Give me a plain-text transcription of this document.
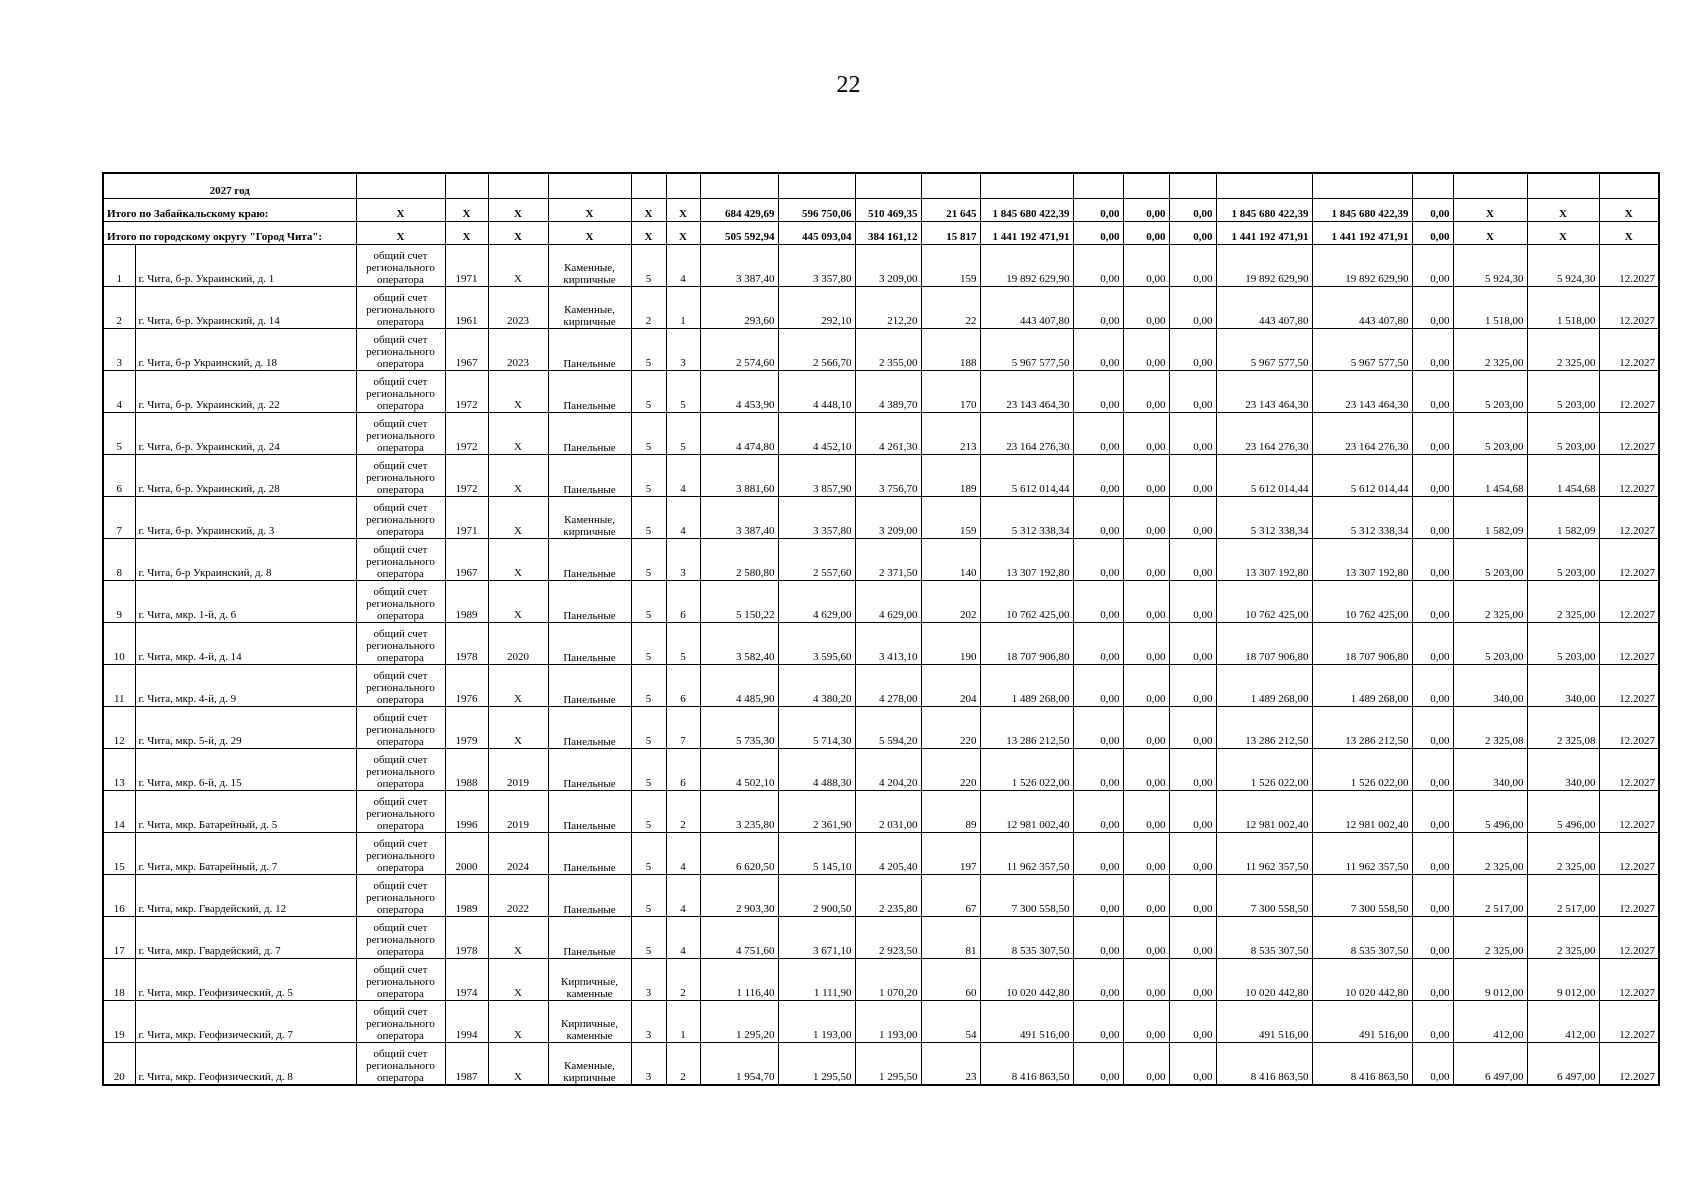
22
2027 год																					
Итого по Забайкальскому краю:		X	X	X	X	X	X	684 429,69	596 750,06	510 469,35	21 645	1 845 680 422,39	0,00	0,00	0,00	1 845 680 422,39	1 845 680 422,39	0,00	X	X	X
Итого по городскому округу "Город Чита":		X	X	X	X	X	X	505 592,94	445 093,04	384 161,12	15 817	1 441 192 471,91	0,00	0,00	0,00	1 441 192 471,91	1 441 192 471,91	0,00	X	X	X
1	г. Чита, б-р. Украинский, д. 1	общий счет регионального оператора	1971	X	Каменные, кирпичные	5	4	3 387,40	3 357,80	3 209,00	159	19 892 629,90	0,00	0,00	0,00	19 892 629,90	19 892 629,90	0,00	5 924,30	5 924,30	12.2027
2	г. Чита, б-р. Украинский, д. 14	общий счет регионального оператора	1961	2023	Каменные, кирпичные	2	1	293,60	292,10	212,20	22	443 407,80	0,00	0,00	0,00	443 407,80	443 407,80	0,00	1 518,00	1 518,00	12.2027
3	г. Чита, б-р Украинский, д. 18	общий счет регионального оператора	1967	2023	Панельные	5	3	2 574,60	2 566,70	2 355,00	188	5 967 577,50	0,00	0,00	0,00	5 967 577,50	5 967 577,50	0,00	2 325,00	2 325,00	12.2027
4	г. Чита, б-р. Украинский, д. 22	общий счет регионального оператора	1972	X	Панельные	5	5	4 453,90	4 448,10	4 389,70	170	23 143 464,30	0,00	0,00	0,00	23 143 464,30	23 143 464,30	0,00	5 203,00	5 203,00	12.2027
5	г. Чита, б-р. Украинский, д. 24	общий счет регионального оператора	1972	X	Панельные	5	5	4 474,80	4 452,10	4 261,30	213	23 164 276,30	0,00	0,00	0,00	23 164 276,30	23 164 276,30	0,00	5 203,00	5 203,00	12.2027
6	г. Чита, б-р. Украинский, д. 28	общий счет регионального оператора	1972	X	Панельные	5	4	3 881,60	3 857,90	3 756,70	189	5 612 014,44	0,00	0,00	0,00	5 612 014,44	5 612 014,44	0,00	1 454,68	1 454,68	12.2027
7	г. Чита, б-р. Украинский, д. 3	общий счет регионального оператора	1971	X	Каменные, кирпичные	5	4	3 387,40	3 357,80	3 209,00	159	5 312 338,34	0,00	0,00	0,00	5 312 338,34	5 312 338,34	0,00	1 582,09	1 582,09	12.2027
8	г. Чита, б-р Украинский, д. 8	общий счет регионального оператора	1967	X	Панельные	5	3	2 580,80	2 557,60	2 371,50	140	13 307 192,80	0,00	0,00	0,00	13 307 192,80	13 307 192,80	0,00	5 203,00	5 203,00	12.2027
9	г. Чита, мкр. 1-й, д. 6	общий счет регионального оператора	1989	X	Панельные	5	6	5 150,22	4 629,00	4 629,00	202	10 762 425,00	0,00	0,00	0,00	10 762 425,00	10 762 425,00	0,00	2 325,00	2 325,00	12.2027
10	г. Чита, мкр. 4-й, д. 14	общий счет регионального оператора	1978	2020	Панельные	5	5	3 582,40	3 595,60	3 413,10	190	18 707 906,80	0,00	0,00	0,00	18 707 906,80	18 707 906,80	0,00	5 203,00	5 203,00	12.2027
11	г. Чита, мкр. 4-й, д. 9	общий счет регионального оператора	1976	X	Панельные	5	6	4 485,90	4 380,20	4 278,00	204	1 489 268,00	0,00	0,00	0,00	1 489 268,00	1 489 268,00	0,00	340,00	340,00	12.2027
12	г. Чита, мкр. 5-й, д. 29	общий счет регионального оператора	1979	X	Панельные	5	7	5 735,30	5 714,30	5 594,20	220	13 286 212,50	0,00	0,00	0,00	13 286 212,50	13 286 212,50	0,00	2 325,08	2 325,08	12.2027
13	г. Чита, мкр. 6-й, д. 15	общий счет регионального оператора	1988	2019	Панельные	5	6	4 502,10	4 488,30	4 204,20	220	1 526 022,00	0,00	0,00	0,00	1 526 022,00	1 526 022,00	0,00	340,00	340,00	12.2027
14	г. Чита, мкр. Батарейный, д. 5	общий счет регионального оператора	1996	2019	Панельные	5	2	3 235,80	2 361,90	2 031,00	89	12 981 002,40	0,00	0,00	0,00	12 981 002,40	12 981 002,40	0,00	5 496,00	5 496,00	12.2027
15	г. Чита, мкр. Батарейный, д. 7	общий счет регионального оператора	2000	2024	Панельные	5	4	6 620,50	5 145,10	4 205,40	197	11 962 357,50	0,00	0,00	0,00	11 962 357,50	11 962 357,50	0,00	2 325,00	2 325,00	12.2027
16	г. Чита, мкр. Гвардейский, д. 12	общий счет регионального оператора	1989	2022	Панельные	5	4	2 903,30	2 900,50	2 235,80	67	7 300 558,50	0,00	0,00	0,00	7 300 558,50	7 300 558,50	0,00	2 517,00	2 517,00	12.2027
17	г. Чита, мкр. Гвардейский, д. 7	общий счет регионального оператора	1978	X	Панельные	5	4	4 751,60	3 671,10	2 923,50	81	8 535 307,50	0,00	0,00	0,00	8 535 307,50	8 535 307,50	0,00	2 325,00	2 325,00	12.2027
18	г. Чита, мкр. Геофизический, д. 5	общий счет регионального оператора	1974	X	Кирпичные, каменные	3	2	1 116,40	1 111,90	1 070,20	60	10 020 442,80	0,00	0,00	0,00	10 020 442,80	10 020 442,80	0,00	9 012,00	9 012,00	12.2027
19	г. Чита, мкр. Геофизический, д. 7	общий счет регионального оператора	1994	X	Кирпичные, каменные	3	1	1 295,20	1 193,00	1 193,00	54	491 516,00	0,00	0,00	0,00	491 516,00	491 516,00	0,00	412,00	412,00	12.2027
20	г. Чита, мкр. Геофизический, д. 8	общий счет регионального оператора	1987	X	Каменные, кирпичные	3	2	1 954,70	1 295,50	1 295,50	23	8 416 863,50	0,00	0,00	0,00	8 416 863,50	8 416 863,50	0,00	6 497,00	6 497,00	12.2027
